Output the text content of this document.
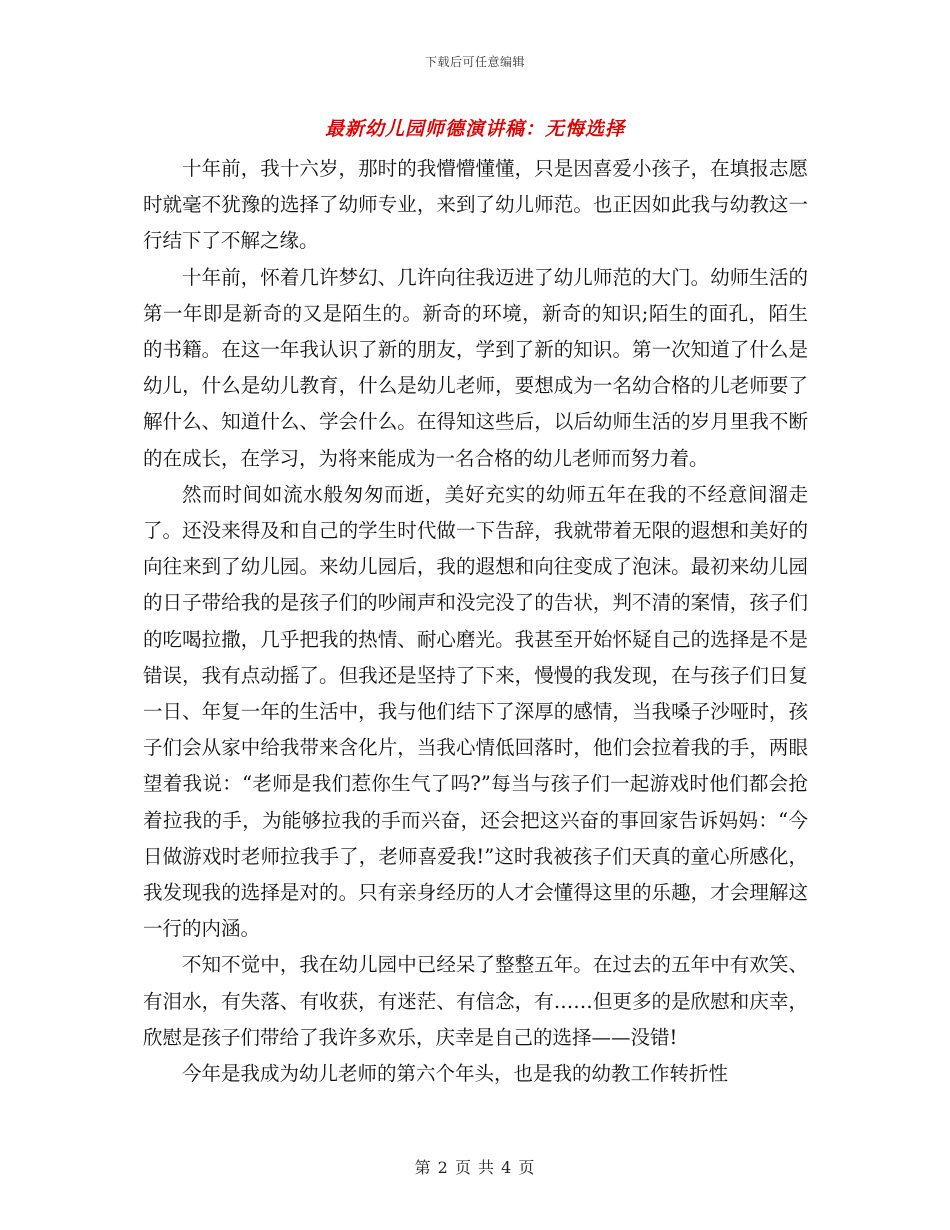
下载后可任意编辑
最新幼儿园师德演讲稿：无悔选择

十年前，我十六岁，那时的我懵懵懂懂，只是因喜爱小孩子，在填报志愿时就毫不犹豫的选择了幼师专业，来到了幼儿师范。也正因如此我与幼教这一行结下了不解之缘。

十年前，怀着几许梦幻、几许向往我迈进了幼儿师范的大门。幼师生活的第一年即是新奇的又是陌生的。新奇的环境，新奇的知识;陌生的面孔，陌生的书籍。在这一年我认识了新的朋友，学到了新的知识。第一次知道了什么是幼儿，什么是幼儿教育，什么是幼儿老师，要想成为一名幼合格的儿老师要了解什么、知道什么、学会什么。在得知这些后，以后幼师生活的岁月里我不断的在成长，在学习，为将来能成为一名合格的幼儿老师而努力着。

然而时间如流水般匆匆而逝，美好充实的幼师五年在我的不经意间溜走了。还没来得及和自己的学生时代做一下告辞，我就带着无限的遐想和美好的向往来到了幼儿园。来幼儿园后，我的遐想和向往变成了泡沫。最初来幼儿园的日子带给我的是孩子们的吵闹声和没完没了的告状，判不清的案情，孩子们的吃喝拉撒，几乎把我的热情、耐心磨光。我甚至开始怀疑自己的选择是不是错误，我有点动摇了。但我还是坚持了下来，慢慢的我发现，在与孩子们日复一日、年复一年的生活中，我与他们结下了深厚的感情，当我嗓子沙哑时，孩子们会从家中给我带来含化片，当我心情低回落时，他们会拉着我的手，两眼望着我说：“老师是我们惹你生气了吗?”每当与孩子们一起游戏时他们都会抢着拉我的手，为能够拉我的手而兴奋，还会把这兴奋的事回家告诉妈妈：“今日做游戏时老师拉我手了，老师喜爱我!”这时我被孩子们天真的童心所感化，我发现我的选择是对的。只有亲身经历的人才会懂得这里的乐趣，才会理解这一行的内涵。

不知不觉中，我在幼儿园中已经呆了整整五年。在过去的五年中有欢笑、有泪水，有失落、有收获，有迷茫、有信念，有……但更多的是欣慰和庆幸，欣慰是孩子们带给了我许多欢乐，庆幸是自己的选择——没错!

今年是我成为幼儿老师的第六个年头，也是我的幼教工作转折性

第 2 页 共 4 页
